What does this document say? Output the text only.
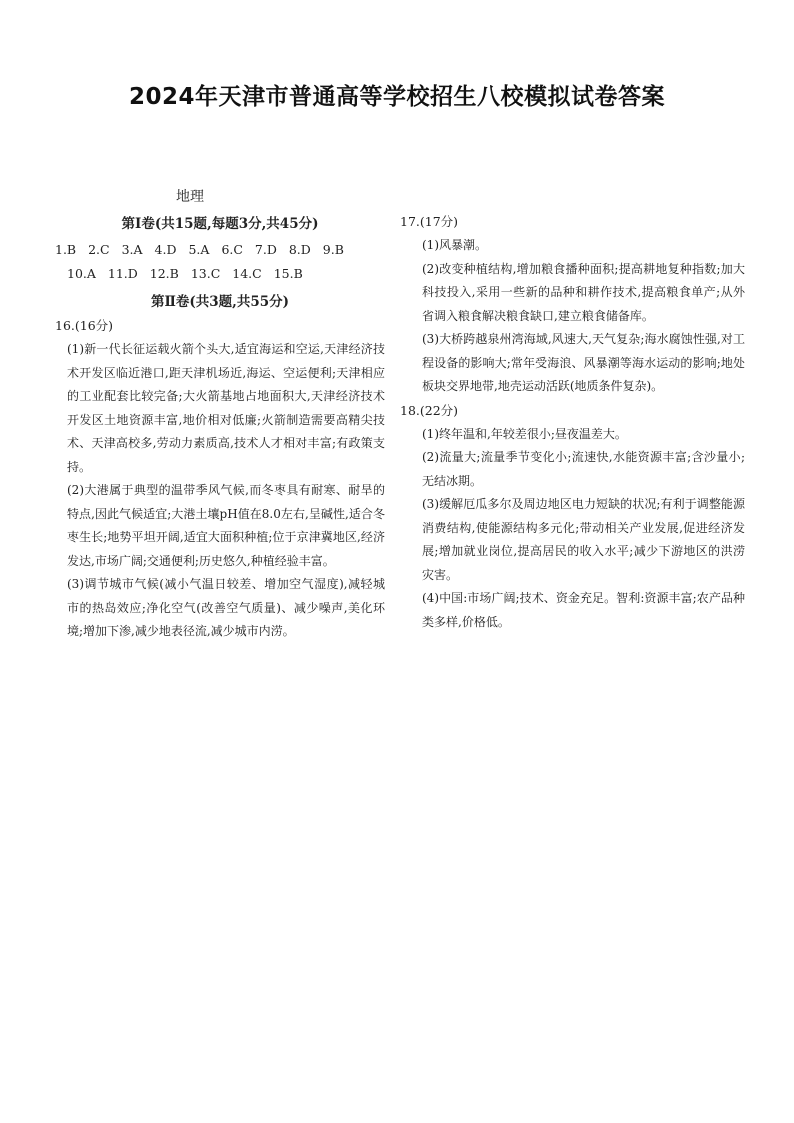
2024年天津市普通高等学校招生八校模拟试卷答案
地理
第Ⅰ卷(共15题,每题3分,共45分)
1.B 2.C 3.A 4.D 5.A 6.C 7.D 8.D 9.B
10.A 11.D 12.B 13.C 14.C 15.B
第Ⅱ卷(共3题,共55分)
16.(16分)

(1)新一代长征运载火箭个头大,适宜海运和空运,天津经济技术开发区临近港口,距天津机场近,海运、空运便利;天津相应的工业配套比较完备;大火箭基地占地面积大,天津经济技术开发区土地资源丰富,地价相对低廉;火箭制造需要高精尖技术、天津高校多,劳动力素质高,技术人才相对丰富;有政策支持。

(2)大港属于典型的温带季风气候,而冬枣具有耐寒、耐旱的特点,因此气候适宜;大港土壤pH值在8.0左右,呈碱性,适合冬枣生长;地势平坦开阔,适宜大面积种植;位于京津冀地区,经济发达,市场广阔;交通便利;历史悠久,种植经验丰富。

(3)调节城市气候(减小气温日较差、增加空气湿度),减轻城市的热岛效应;净化空气(改善空气质量)、减少噪声,美化环境;增加下渗,减少地表径流,减少城市内涝。

17.(17分)

(1)风暴潮。

(2)改变种植结构,增加粮食播种面积;提高耕地复种指数;加大科技投入,采用一些新的品种和耕作技术,提高粮食单产;从外省调入粮食解决粮食缺口,建立粮食储备库。

(3)大桥跨越泉州湾海域,风速大,天气复杂;海水腐蚀性强,对工程设备的影响大;常年受海浪、风暴潮等海水运动的影响;地处板块交界地带,地壳运动活跃(地质条件复杂)。

18.(22分)

(1)终年温和,年较差很小;昼夜温差大。

(2)流量大;流量季节变化小;流速快,水能资源丰富;含沙量小;无结冰期。

(3)缓解厄瓜多尔及周边地区电力短缺的状况;有利于调整能源消费结构,使能源结构多元化;带动相关产业发展,促进经济发展;增加就业岗位,提高居民的收入水平;减少下游地区的洪涝灾害。

(4)中国:市场广阔;技术、资金充足。智利:资源丰富;农产品种类多样,价格低。
